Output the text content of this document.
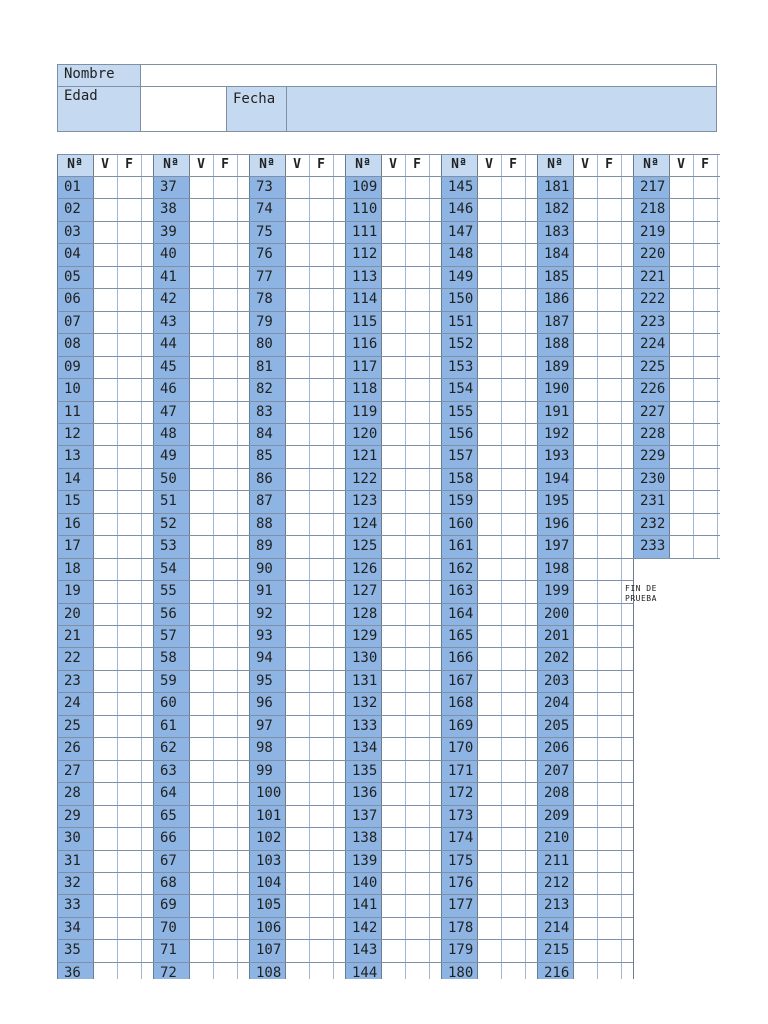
Nombre
Edad	Fecha
Nª	V	F
01
02
03
04
05
06
07
08
09
10
11
12
13
14
15
16
17
18
19
20
21
22
23
24
25
26
27
28
29
30
31
32
33
34
35
36
Nª	V	F
37
38
39
40
41
42
43
44
45
46
47
48
49
50
51
52
53
54
55
56
57
58
59
60
61
62
63
64
65
66
67
68
69
70
71
72
Nª	V	F
73
74
75
76
77
78
79
80
81
82
83
84
85
86
87
88
89
90
91
92
93
94
95
96
97
98
99
100
101
102
103
104
105
106
107
108
Nª	V	F
109
110
111
112
113
114
115
116
117
118
119
120
121
122
123
124
125
126
127
128
129
130
131
132
133
134
135
136
137
138
139
140
141
142
143
144
Nª	V	F
145
146
147
148
149
150
151
152
153
154
155
156
157
158
159
160
161
162
163
164
165
166
167
168
169
170
171
172
173
174
175
176
177
178
179
180
Nª	V	F
181
182
183
184
185
186
187
188
189
190
191
192
193
194
195
196
197
198
199
200
201
202
203
204
205
206
207
208
209
210
211
212
213
214
215
216
Nª	V	F
217
218
219
220
221
222
223
224
225
226
227
228
229
230
231
232
233
FIN DE PRUEBA
